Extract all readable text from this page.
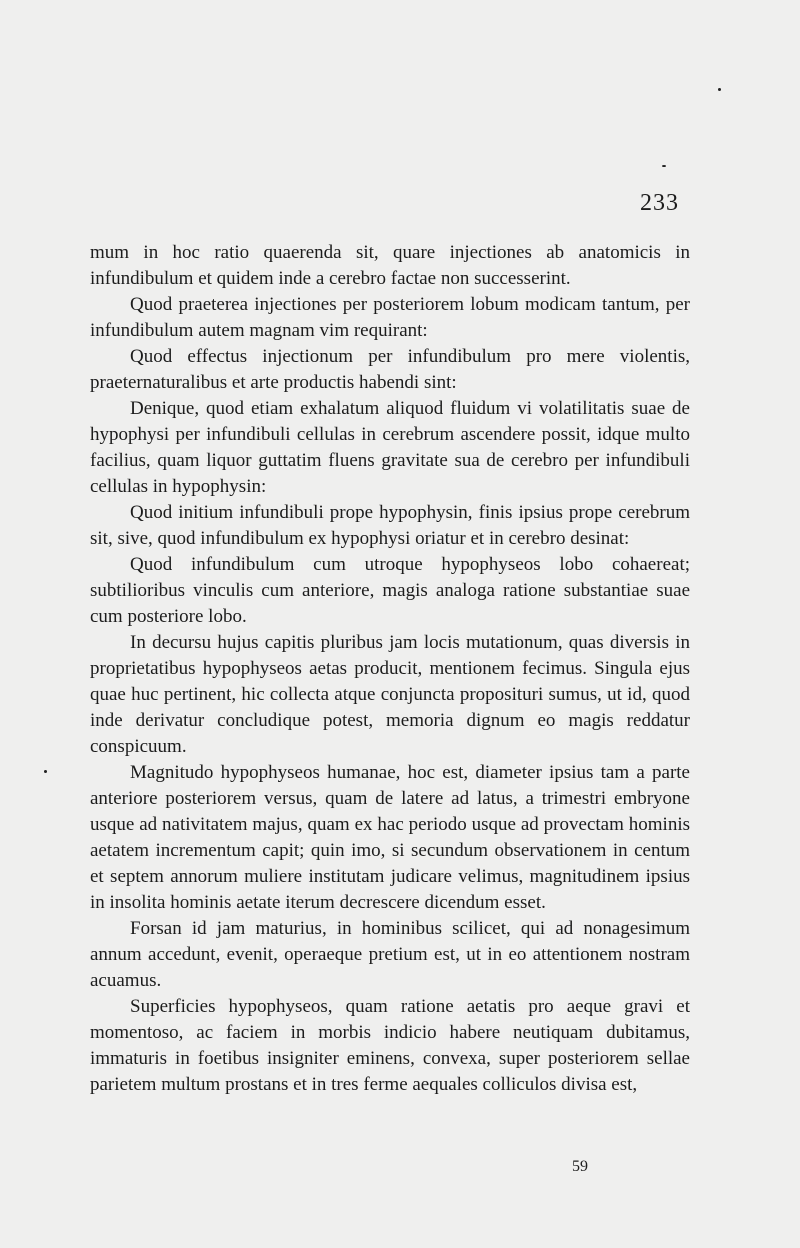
233

mum in hoc ratio quaerenda sit, quare injectiones ab anatomicis in infundibulum et quidem inde a cerebro factae non successerint.

Quod praeterea injectiones per posteriorem lobum modicam tantum, per infundibulum autem magnam vim requirant:

Quod effectus injectionum per infundibulum pro mere violentis, praeternaturalibus et arte productis habendi sint:

Denique, quod etiam exhalatum aliquod fluidum vi volatilitatis suae de hypophysi per infundibuli cellulas in cerebrum ascendere possit, idque multo facilius, quam liquor guttatim fluens gravitate sua de cerebro per infundibuli cellulas in hypophysin:

Quod initium infundibuli prope hypophysin, finis ipsius prope cerebrum sit, sive, quod infundibulum ex hypophysi oriatur et in cerebro desinat:

Quod infundibulum cum utroque hypophyseos lobo cohaereat; subtilioribus vinculis cum anteriore, magis analoga ratione substantiae suae cum posteriore lobo.

In decursu hujus capitis pluribus jam locis mutationum, quas diversis in proprietatibus hypophyseos aetas producit, mentionem fecimus. Singula ejus quae huc pertinent, hic collecta atque conjuncta propositurі sumus, ut id, quod inde derivatur concludique potest, memoria dignum eo magis reddatur conspicuum.

Magnitudo hypophyseos humanae, hoc est, diameter ipsius tam a parte anteriore posteriorem versus, quam de latere ad latus, a trimestri embryone usque ad nativitatem majus, quam ex hac periodo usque ad provectam hominis aetatem incrementum capit; quin imo, si secundum observationem in centum et septem annorum muliere institutam judicare velimus, magnitudinem ipsius in insolita hominis aetate iterum decrescere dicendum esset.

Forsan id jam maturius, in hominibus scilicet, qui ad nonagesimum annum accedunt, evenit, operaeque pretium est, ut in eo attentionem nostram acuamus.

Superficies hypophyseos, quam ratione aetatis pro aeque gravi et momentoso, ac faciem in morbis indicio habere neutiquam dubitamus, immaturis in foetibus insigniter eminens, convexa, super posteriorem sellae parietem multum prostans et in tres ferme aequales colliculos divisa est,

59
